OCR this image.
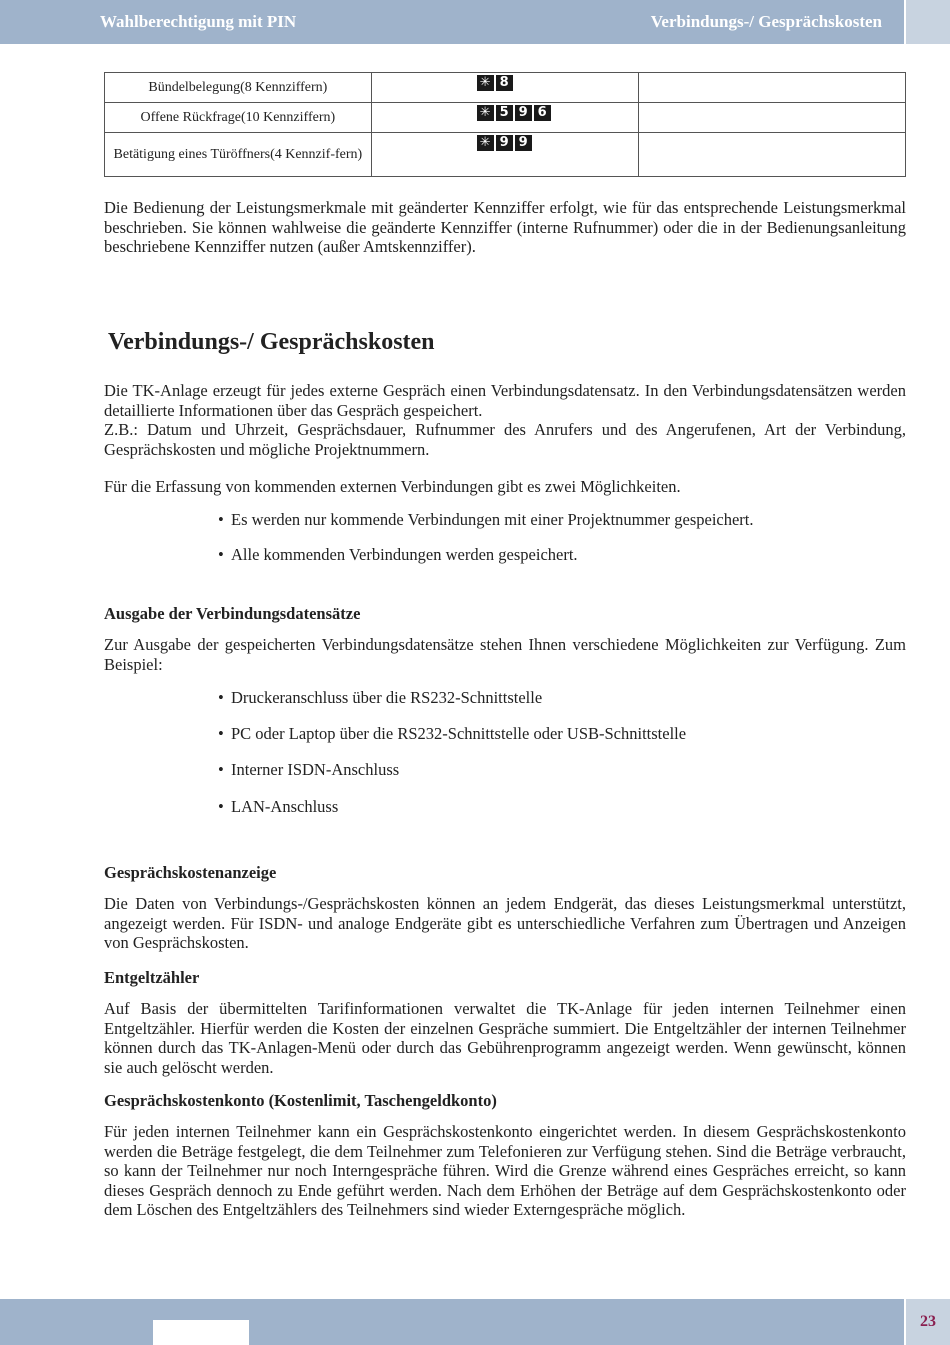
Wahlberechtigung mit PIN	Verbindungs-/ Gesprächskosten
Bündelbelegung(8 Kennziffern)	✳ 8	

Offene Rückfrage(10 Kennziffern)	✳ 5 9 6	

Betätigung eines Türöffners(4 Kennzif-fern)	✳ 9 9	

Die Bedienung der Leistungsmerkmale mit geänderter Kennziffer erfolgt, wie für das entsprechende Leistungsmerkmal beschrieben. Sie können wahlweise die geänderte Kennziffer (interne Rufnummer) oder die in der Bedienungsanleitung beschriebene Kennziffer nutzen (außer Amtskennziffer).

Verbindungs-/ Gesprächskosten

Die TK-Anlage erzeugt für jedes externe Gespräch einen Verbindungsdatensatz. In den Verbindungsdatensätzen werden detaillierte Informationen über das Gespräch gespeichert.

Z.B.: Datum und Uhrzeit, Gesprächsdauer, Rufnummer des Anrufers und des Angerufenen, Art der Verbindung, Gesprächskosten und mögliche Projektnummern.

Für die Erfassung von kommenden externen Verbindungen gibt es zwei Möglichkeiten.

• Es werden nur kommende Verbindungen mit einer Projektnummer gespeichert.
• Alle kommenden Verbindungen werden gespeichert.
Ausgabe der Verbindungsdatensätze

Zur Ausgabe der gespeicherten Verbindungsdatensätze stehen Ihnen verschiedene Möglichkeiten zur Verfügung. Zum Beispiel:

• Druckeranschluss über die RS232-Schnittstelle
• PC oder Laptop über die RS232-Schnittstelle oder USB-Schnittstelle
• Interner ISDN-Anschluss
• LAN-Anschluss
Gesprächskostenanzeige

Die Daten von Verbindungs-/Gesprächskosten können an jedem Endgerät, das dieses Leistungsmerkmal unterstützt, angezeigt werden. Für ISDN- und analoge Endgeräte gibt es unterschiedliche Verfahren zum Übertragen und Anzeigen von Gesprächskosten.

Entgeltzähler

Auf Basis der übermittelten Tarifinformationen verwaltet die TK-Anlage für jeden internen Teilnehmer einen Entgeltzähler. Hierfür werden die Kosten der einzelnen Gespräche summiert. Die Entgeltzähler der internen Teilnehmer können durch das TK-Anlagen-Menü oder durch das Gebührenprogramm angezeigt werden. Wenn gewünscht, können sie auch gelöscht werden.

Gesprächskostenkonto (Kostenlimit, Taschengeldkonto)

Für jeden internen Teilnehmer kann ein Gesprächskostenkonto eingerichtet werden. In diesem Gesprächskostenkonto werden die Beträge festgelegt, die dem Teilnehmer zum Telefonieren zur Verfügung stehen. Sind die Beträge verbraucht, so kann der Teilnehmer nur noch Interngespräche führen. Wird die Grenze während eines Gespräches erreicht, so kann dieses Gespräch dennoch zu Ende geführt werden. Nach dem Erhöhen der Beträge auf dem Gesprächskostenkonto oder dem Löschen des Entgeltzählers des Teilnehmers sind wieder Externgespräche möglich.

23
